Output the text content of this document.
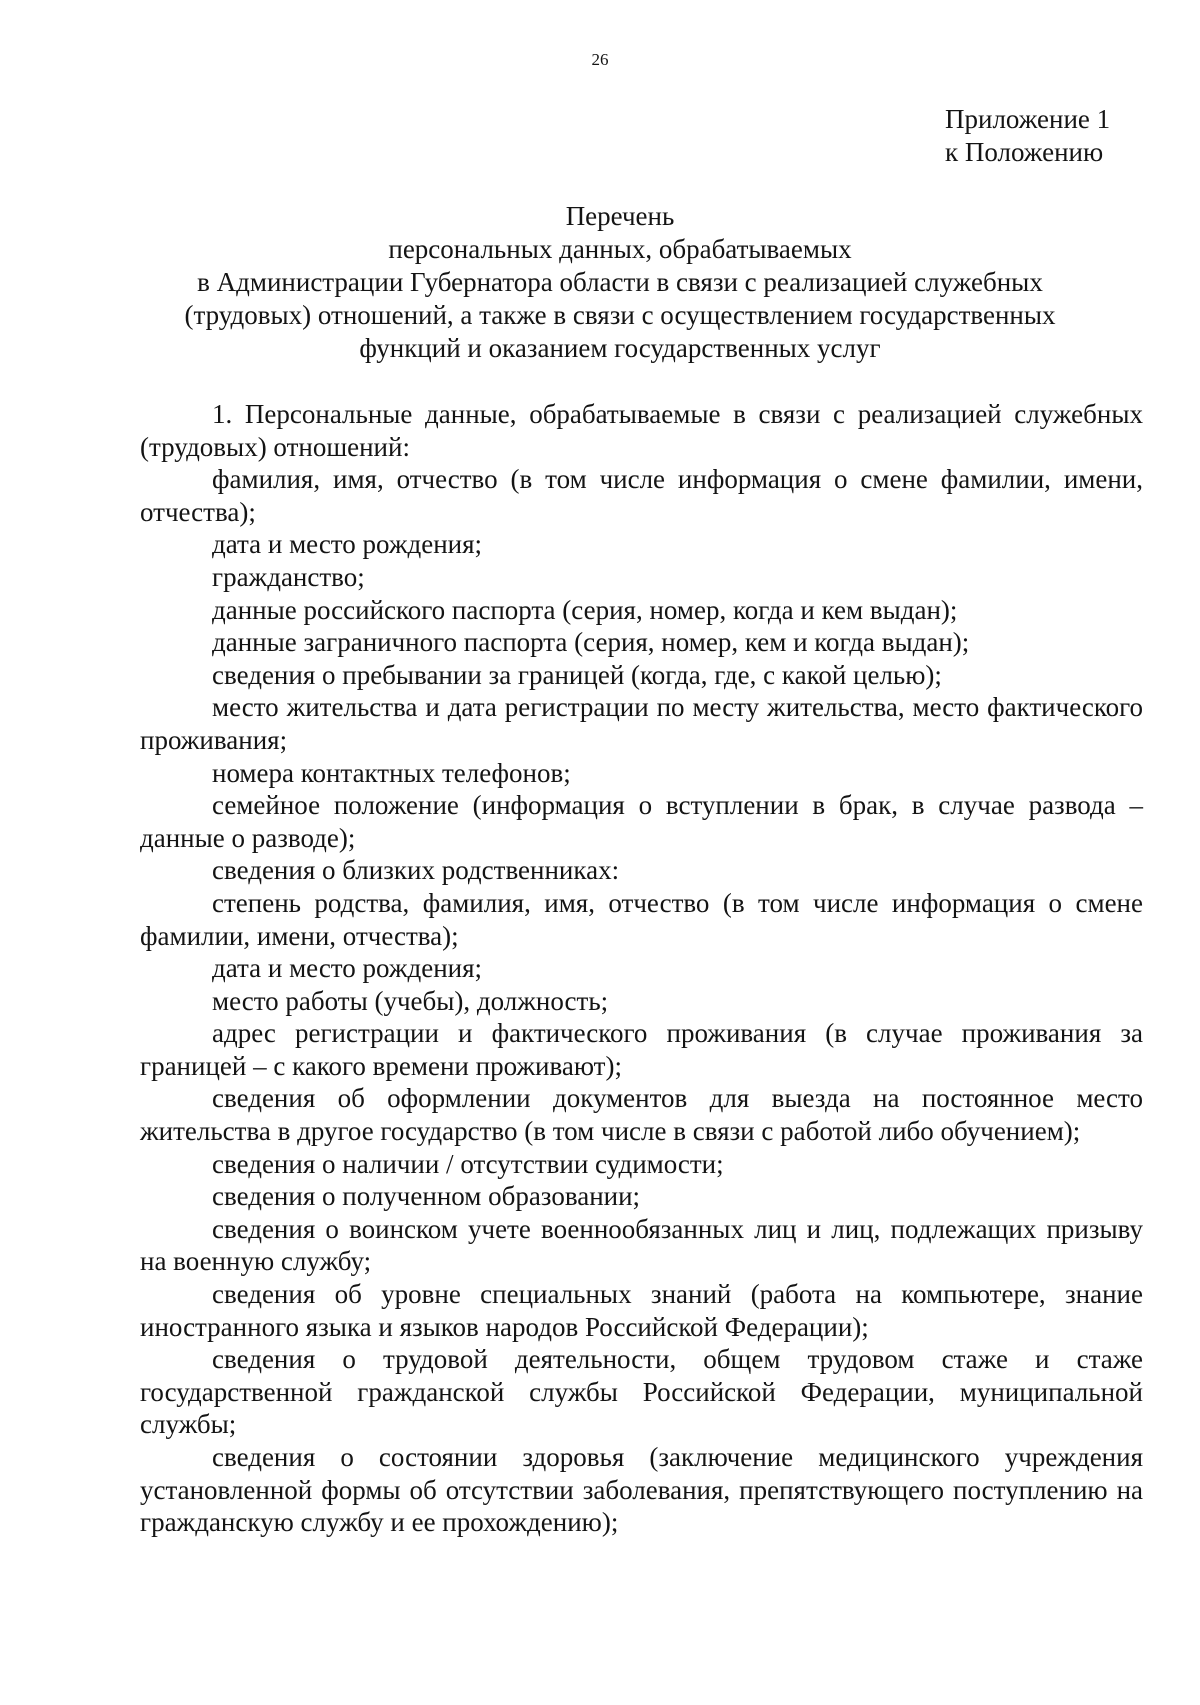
26

Приложение 1
к Положению
Перечень
персональных данных, обрабатываемых
в Администрации Губернатора области в связи с реализацией служебных
(трудовых) отношений, а также в связи с осуществлением государственных
функций и оказанием государственных услуг

1. Персональные данные, обрабатываемые в связи с реализацией служебных (трудовых) отношений:

фамилия, имя, отчество (в том числе информация о смене фамилии, имени, отчества);

дата и место рождения;

гражданство;

данные российского паспорта (серия, номер, когда и кем выдан);

данные заграничного паспорта (серия, номер, кем и когда выдан);

сведения о пребывании за границей (когда, где, с какой целью);

место жительства и дата регистрации по месту жительства, место фактического проживания;

номера контактных телефонов;

семейное положение (информация о вступлении в брак, в случае развода – данные о разводе);

сведения о близких родственниках:

степень родства, фамилия, имя, отчество (в том числе информация о смене фамилии, имени, отчества);

дата и место рождения;

место работы (учебы), должность;

адрес регистрации и фактического проживания (в случае проживания за границей – с какого времени проживают);

сведения об оформлении документов для выезда на постоянное место жительства в другое государство (в том числе в связи с работой либо обучением);

сведения о наличии / отсутствии судимости;

сведения о полученном образовании;

сведения о воинском учете военнообязанных лиц и лиц, подлежащих призыву на военную службу;

сведения об уровне специальных знаний (работа на компьютере, знание иностранного языка и языков народов Российской Федерации);

сведения о трудовой деятельности, общем трудовом стаже и стаже государственной гражданской службы Российской Федерации, муниципальной службы;

сведения о состоянии здоровья (заключение медицинского учреждения установленной формы об отсутствии заболевания, препятствующего поступлению на гражданскую службу и ее прохождению);
